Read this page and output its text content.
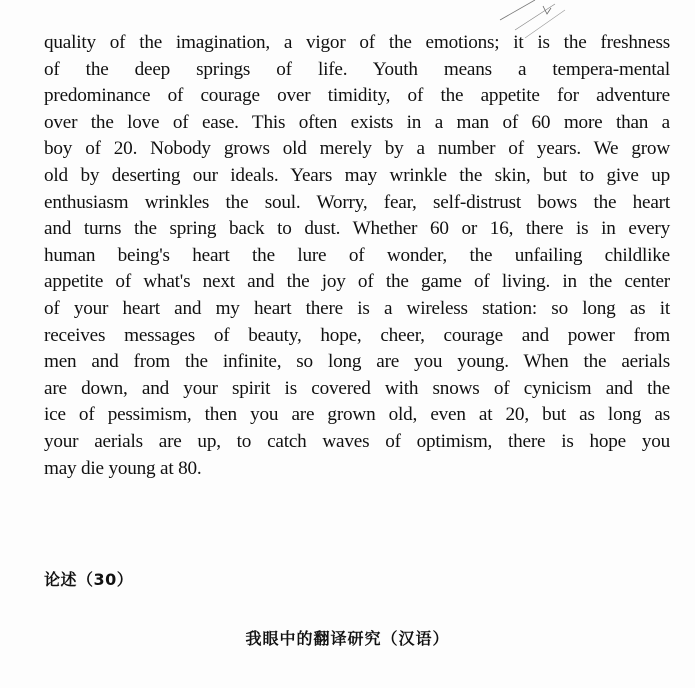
quality of the imagination, a vigor of the emotions; it is the freshness
of the deep springs of life. Youth means a tempera-mental
predominance of courage over timidity, of the appetite for adventure
over the love of ease. This often exists in a man of 60 more than a
boy of 20. Nobody grows old merely by a number of years. We grow
old by deserting our ideals. Years may wrinkle the skin, but to give up
enthusiasm wrinkles the soul. Worry, fear, self-distrust bows the heart
and turns the spring back to dust. Whether 60 or 16, there is in every
human being's heart the lure of wonder, the unfailing childlike
appetite of what's next and the joy of the game of living. in the center
of your heart and my heart there is a wireless station: so long as it
receives messages of beauty, hope, cheer, courage and power from
men and from the infinite, so long are you young. When the aerials
are down, and your spirit is covered with snows of cynicism and the
ice of pessimism, then you are grown old, even at 20, but as long as
your aerials are up, to catch waves of optimism, there is hope you
may die young at 80.
论述（30）
我眼中的翻译研究（汉语）
